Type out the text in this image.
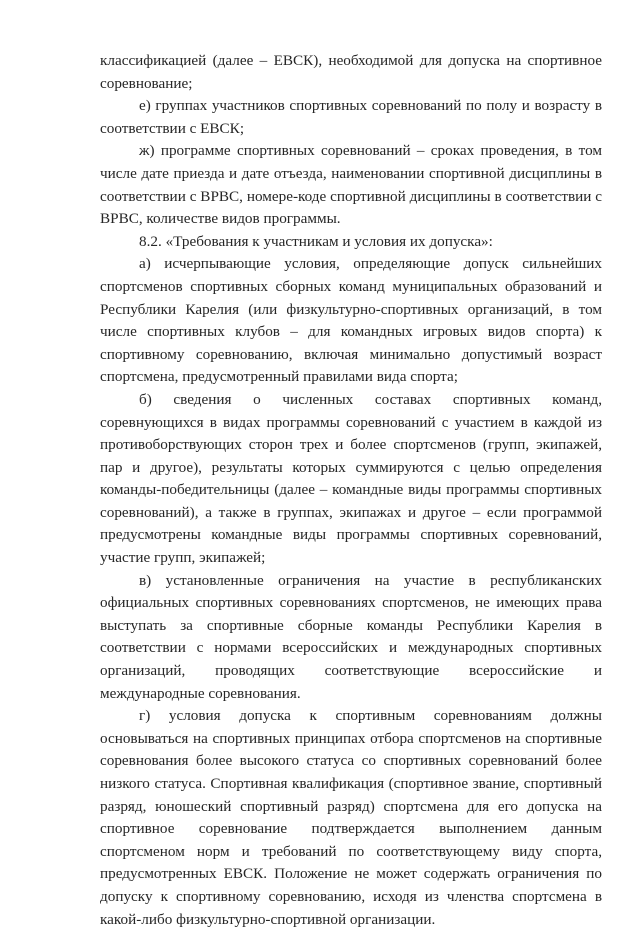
классификацией (далее – ЕВСК), необходимой для допуска на спортивное соревнование;

е) группах участников спортивных соревнований по полу и возрасту в соответствии с ЕВСК;

ж) программе спортивных соревнований – сроках проведения, в том числе дате приезда и дате отъезда, наименовании спортивной дисциплины в соответствии с ВРВС, номере-коде спортивной дисциплины в соответствии с ВРВС, количестве видов программы.

8.2. «Требования к участникам и условия их допуска»:

а) исчерпывающие условия, определяющие допуск сильнейших спортсменов спортивных сборных команд муниципальных образований и Республики Карелия (или физкультурно-спортивных организаций, в том числе спортивных клубов – для командных игровых видов спорта) к спортивному соревнованию, включая минимально допустимый возраст спортсмена, предусмотренный правилами вида спорта;

б) сведения о численных составах спортивных команд, соревнующихся в видах программы соревнований с участием в каждой из противоборствующих сторон трех и более спортсменов (групп, экипажей, пар и другое), результаты которых суммируются с целью определения команды-победительницы (далее – командные виды программы спортивных соревнований), а также в группах, экипажах и другое – если программой предусмотрены командные виды программы спортивных соревнований, участие групп, экипажей;

в) установленные ограничения на участие в республиканских официальных спортивных соревнованиях спортсменов, не имеющих права выступать за спортивные сборные команды Республики Карелия в соответствии с нормами всероссийских и международных спортивных организаций, проводящих соответствующие всероссийские и международные соревнования.

г) условия допуска к спортивным соревнованиям должны основываться на спортивных принципах отбора спортсменов на спортивные соревнования более высокого статуса со спортивных соревнований более низкого статуса. Спортивная квалификация (спортивное звание, спортивный разряд, юношеский спортивный разряд) спортсмена для его допуска на спортивное соревнование подтверждается выполнением данным спортсменом норм и требований по соответствующему виду спорта, предусмотренных ЕВСК. Положение не может содержать ограничения по допуску к спортивному соревнованию, исходя из членства спортсмена в какой-либо физкультурно-спортивной организации.
